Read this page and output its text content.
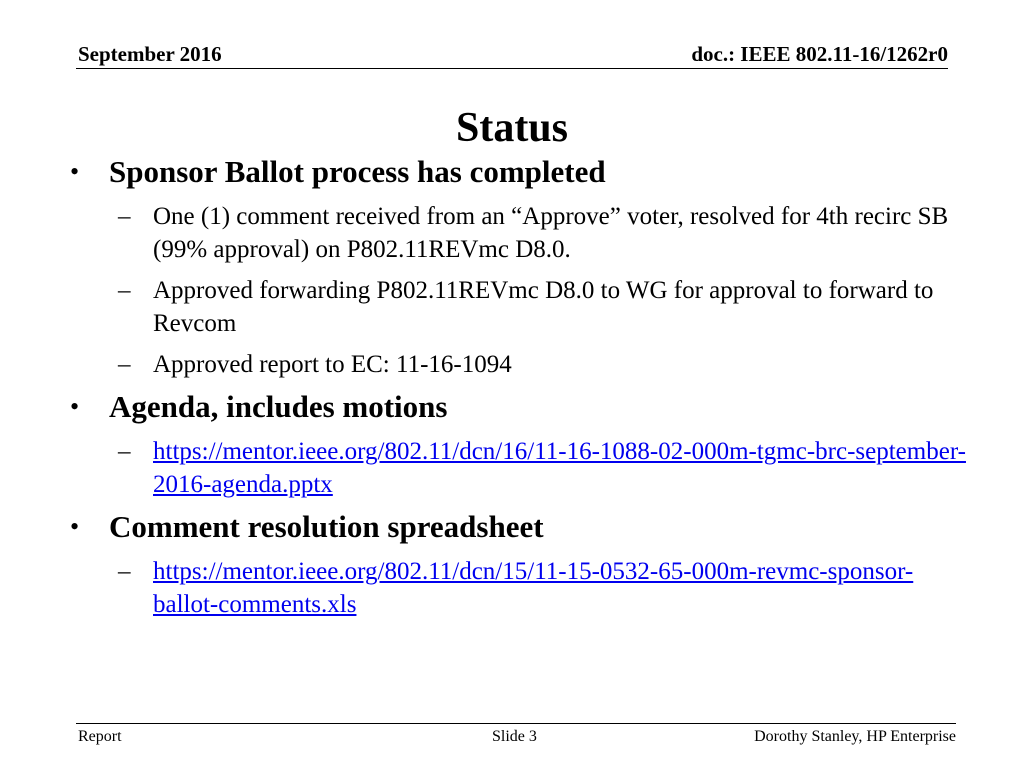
September 2016	doc.: IEEE 802.11-16/1262r0
Status
• Sponsor Ballot process has completed
– One (1) comment received from an “Approve” voter, resolved for 4th recirc SB (99% approval) on P802.11REVmc D8.0.
– Approved forwarding P802.11REVmc D8.0 to WG for approval to forward to Revcom
– Approved report to EC: 11-16-1094
• Agenda, includes motions
– https://mentor.ieee.org/802.11/dcn/16/11-16-1088-02-000m-tgmc-brc-september-2016-agenda.pptx
• Comment resolution spreadsheet
– https://mentor.ieee.org/802.11/dcn/15/11-15-0532-65-000m-revmc-sponsor-ballot-comments.xls
Report	Slide 3	Dorothy Stanley, HP Enterprise
